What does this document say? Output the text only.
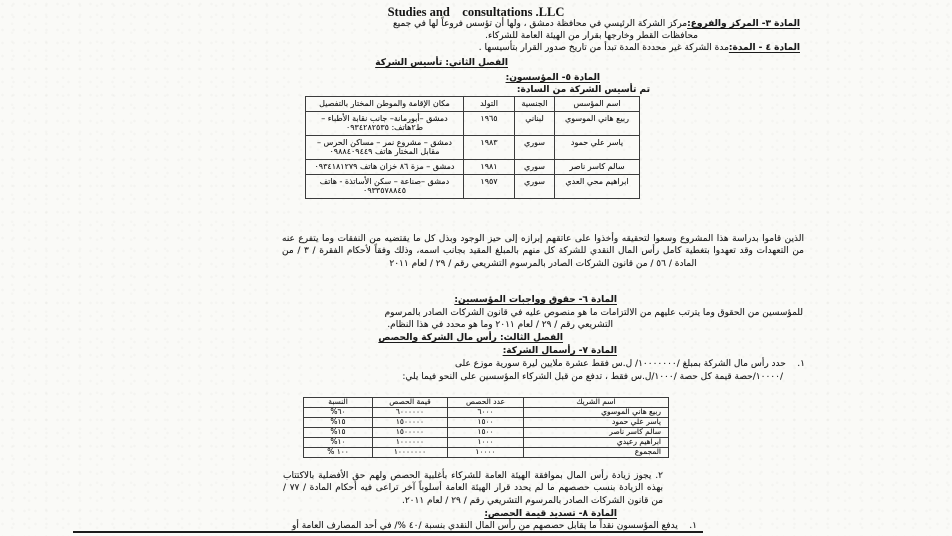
Studies and    consultations .LLC
المادة ٣- المركز والفروع:مركز الشركة الرئيسي في محافظة دمشق ، ولها أن تؤسس فروعاً لها في جميع
محافظات القطر وخارجها بقرار من الهيئة العامة للشركاء.
المادة ٤ - المدة:مدة الشركة غير محددة المدة تبدأ من تاريخ صدور القرار بتأسيسها .
الفصل الثاني: تأسيس الشركة
المادة ٥- المؤسسون:
تم تأسيس الشركة من السادة:
اسم المؤسس	الجنسية	التولد	مكان الإقامة والموطن المختار بالتفصيل
ربيع هاني الموسوي	لبناني	١٩٦٥	دمشق –أبورمانة– جانب نقابة الأطباء – ط٢هاتف: ٠٩٣٤٢٨٢٥٣٥
ياسر علي حمود	سوري	١٩٨٣	دمشق – مشروع نمر – مساكن الحرس – مقابل المختار هاتف ٠٩٨٨٤٠٩٤٤٩
سالم كاسر ناصر	سوري	١٩٨١	دمشق – مزة ٨٦ خزان هاتف ٠٩٣٤١٨١٢٧٩
ابراهيم محي العدي	سوري	١٩٥٧	دمشق –صناعة – سكن الأساتذة - هاتف ٠٩٣٣٥٧٨٨٤٥
الذين قاموا بدراسة هذا المشروع وسعوا لتحقيقه وأخذوا على عاتقهم إبرازه إلى حيز الوجود وبذل كل ما يقتضيه من النفقات وما يتفرع عنه من التعهدات وقد تعهدوا بتغطية كامل رأس المال النقدي للشركة كل منهم بالمبلغ المقيد بجانب اسمه، وذلك وفقاً لأحكام الفقرة / ٣ / من المادة / ٥٦ / من قانون الشركات الصادر بالمرسوم التشريعي رقم / ٢٩ / لعام ٢٠١١
المادة ٦- حقوق وواجبات المؤسسين:
للمؤسسين من الحقوق وما يترتب عليهم من الالتزامات ما هو منصوص عليه في قانون الشركات الصادر بالمرسوم
التشريعي رقم / ٢٩ / لعام ٢٠١١ وما هو محدد في هذا النظام.
الفصل الثالث: رأس مال الشركة والحصص
المادة ٧- رأسمال الشركة:
١.    حدد رأس مال الشركة بمبلغ /١٠٠٠٠٠٠٠/ ل.س فقط عشرة ملايين ليرة سورية موزع على
/١٠٠٠٠/حصة قيمة كل حصة /١٠٠٠/ل.س فقط ، تدفع من قبل الشركاء المؤسسين على النحو فيما يلي:
اسم الشريك	عدد الحصص	قيمة الحصص	النسبة
ربيع هاني الموسوي	٦٠٠٠	٦٠٠٠٠٠٠	%٦٠
ياسر علي حمود	١٥٠٠	١٥٠٠٠٠٠	%١٥
سالم كاسر ناصر	١٥٠٠	١٥٠٠٠٠٠	%١٥
ابراهيم رعيدي	١٠٠٠	١٠٠٠٠٠٠	%١٠
المجموع	١٠٠٠٠	١٠٠٠٠٠٠٠	% ١٠٠
٢. يجوز زيادة رأس المال بموافقة الهيئة العامة للشركاء بأغلبية الحصص ولهم حق الأفضلية بالاكتتاب بهذه الزيادة بنسب حصصهم ما لم يحدد قرار الهيئة العامة أسلوباً آخر تراعى فيه أحكام المادة / ٧٧ / من قانون الشركات الصادر بالمرسوم التشريعي رقم / ٢٩ / لعام ٢٠١١.
المادة ٨- تسديد قيمة الحصص:
١.    يدفع المؤسسون نقداً ما يقابل حصصهم من رأس المال النقدي بنسبة /٤٠ %/ في أحد المصارف العامة أو
